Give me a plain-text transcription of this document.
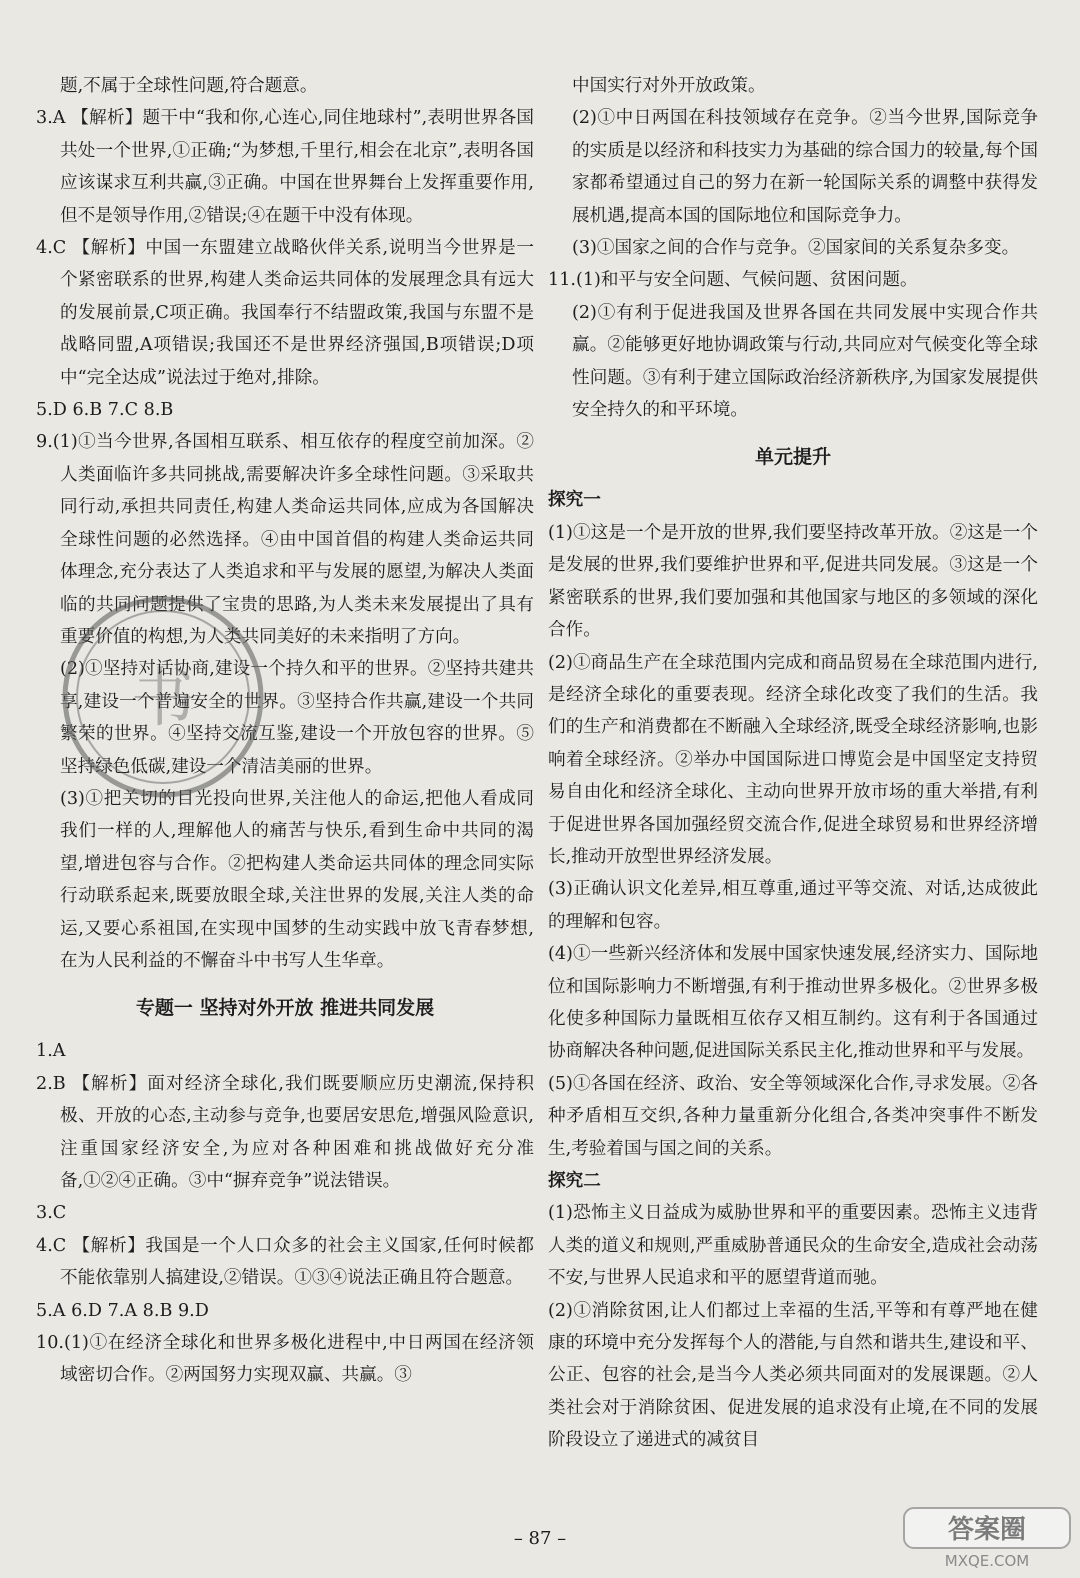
题,不属于全球性问题,符合题意。

3.A 【解析】题干中“我和你,心连心,同住地球村”,表明世界各国共处一个世界,①正确;“为梦想,千里行,相会在北京”,表明各国应该谋求互利共赢,③正确。中国在世界舞台上发挥重要作用,但不是领导作用,②错误;④在题干中没有体现。

4.C 【解析】中国一东盟建立战略伙伴关系,说明当今世界是一个紧密联系的世界,构建人类命运共同体的发展理念具有远大的发展前景,C项正确。我国奉行不结盟政策,我国与东盟不是战略同盟,A项错误;我国还不是世界经济强国,B项错误;D项中“完全达成”说法过于绝对,排除。

5.D 6.B 7.C 8.B

9.(1)①当今世界,各国相互联系、相互依存的程度空前加深。②人类面临许多共同挑战,需要解决许多全球性问题。③采取共同行动,承担共同责任,构建人类命运共同体,应成为各国解决全球性问题的必然选择。④由中国首倡的构建人类命运共同体理念,充分表达了人类追求和平与发展的愿望,为解决人类面临的共同问题提供了宝贵的思路,为人类未来发展提出了具有重要价值的构想,为人类共同美好的未来指明了方向。

(2)①坚持对话协商,建设一个持久和平的世界。②坚持共建共享,建设一个普遍安全的世界。③坚持合作共赢,建设一个共同繁荣的世界。④坚持交流互鉴,建设一个开放包容的世界。⑤坚持绿色低碳,建设一个清洁美丽的世界。

(3)①把关切的目光投向世界,关注他人的命运,把他人看成同我们一样的人,理解他人的痛苦与快乐,看到生命中共同的渴望,增进包容与合作。②把构建人类命运共同体的理念同实际行动联系起来,既要放眼全球,关注世界的发展,关注人类的命运,又要心系祖国,在实现中国梦的生动实践中放飞青春梦想,在为人民利益的不懈奋斗中书写人生华章。

专题一 坚持对外开放 推进共同发展

1.A

2.B 【解析】面对经济全球化,我们既要顺应历史潮流,保持积极、开放的心态,主动参与竞争,也要居安思危,增强风险意识,注重国家经济安全,为应对各种困难和挑战做好充分准备,①②④正确。③中“摒弃竞争”说法错误。

3.C

4.C 【解析】我国是一个人口众多的社会主义国家,任何时候都不能依靠别人搞建设,②错误。①③④说法正确且符合题意。

5.A 6.D 7.A 8.B 9.D

10.(1)①在经济全球化和世界多极化进程中,中日两国在经济领域密切合作。②两国努力实现双赢、共赢。③

中国实行对外开放政策。

(2)①中日两国在科技领域存在竞争。②当今世界,国际竞争的实质是以经济和科技实力为基础的综合国力的较量,每个国家都希望通过自己的努力在新一轮国际关系的调整中获得发展机遇,提高本国的国际地位和国际竞争力。

(3)①国家之间的合作与竞争。②国家间的关系复杂多变。

11.(1)和平与安全问题、气候问题、贫困问题。

(2)①有利于促进我国及世界各国在共同发展中实现合作共赢。②能够更好地协调政策与行动,共同应对气候变化等全球性问题。③有利于建立国际政治经济新秩序,为国家发展提供安全持久的和平环境。

单元提升

探究一

(1)①这是一个是开放的世界,我们要坚持改革开放。②这是一个是发展的世界,我们要维护世界和平,促进共同发展。③这是一个紧密联系的世界,我们要加强和其他国家与地区的多领域的深化合作。

(2)①商品生产在全球范围内完成和商品贸易在全球范围内进行,是经济全球化的重要表现。经济全球化改变了我们的生活。我们的生产和消费都在不断融入全球经济,既受全球经济影响,也影响着全球经济。②举办中国国际进口博览会是中国坚定支持贸易自由化和经济全球化、主动向世界开放市场的重大举措,有利于促进世界各国加强经贸交流合作,促进全球贸易和世界经济增长,推动开放型世界经济发展。

(3)正确认识文化差异,相互尊重,通过平等交流、对话,达成彼此的理解和包容。

(4)①一些新兴经济体和发展中国家快速发展,经济实力、国际地位和国际影响力不断增强,有利于推动世界多极化。②世界多极化使多种国际力量既相互依存又相互制约。这有利于各国通过协商解决各种问题,促进国际关系民主化,推动世界和平与发展。

(5)①各国在经济、政治、安全等领域深化合作,寻求发展。②各种矛盾相互交织,各种力量重新分化组合,各类冲突事件不断发生,考验着国与国之间的关系。

探究二

(1)恐怖主义日益成为威胁世界和平的重要因素。恐怖主义违背人类的道义和规则,严重威胁普通民众的生命安全,造成社会动荡不安,与世界人民追求和平的愿望背道而驰。

(2)①消除贫困,让人们都过上幸福的生活,平等和有尊严地在健康的环境中充分发挥每个人的潜能,与自然和谐共生,建设和平、公正、包容的社会,是当今人类必须共同面对的发展课题。②人类社会对于消除贫困、促进发展的追求没有止境,在不同的发展阶段设立了递进式的减贫目

书
– 87 –	答案圈
MXQE.COM
